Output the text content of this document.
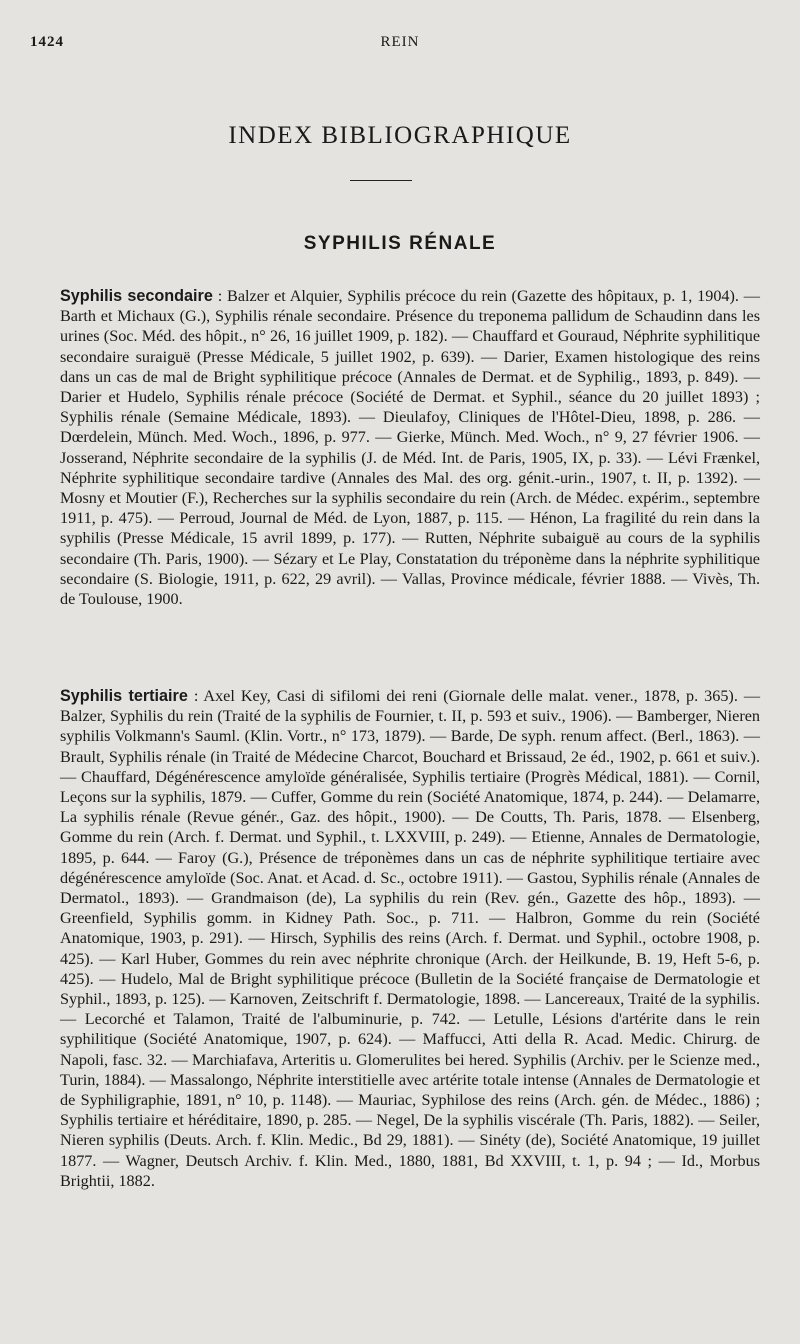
1424	REIN
INDEX BIBLIOGRAPHIQUE
SYPHILIS RÉNALE
Syphilis secondaire : Balzer et Alquier, Syphilis précoce du rein (Gazette des hôpitaux, p. 1, 1904). — Barth et Michaux (G.), Syphilis rénale secondaire. Présence du treponema pallidum de Schaudinn dans les urines (Soc. Méd. des hôpit., n° 26, 16 juillet 1909, p. 182). — Chauffard et Gouraud, Néphrite syphilitique secondaire suraiguë (Presse Médicale, 5 juillet 1902, p. 639). — Darier, Examen histologique des reins dans un cas de mal de Bright syphilitique précoce (Annales de Dermat. et de Syphilig., 1893, p. 849). — Darier et Hudelo, Syphilis rénale précoce (Société de Dermat. et Syphil., séance du 20 juillet 1893) ; Syphilis rénale (Semaine Médicale, 1893). — Dieulafoy, Cliniques de l'Hôtel-Dieu, 1898, p. 286. — Dœrdelein, Münch. Med. Woch., 1896, p. 977. — Gierke, Münch. Med. Woch., n° 9, 27 février 1906. — Josserand, Néphrite secondaire de la syphilis (J. de Méd. Int. de Paris, 1905, IX, p. 33). — Lévi Frænkel, Néphrite syphilitique secondaire tardive (Annales des Mal. des org. génit.-urin., 1907, t. II, p. 1392). — Mosny et Moutier (F.), Recherches sur la syphilis secondaire du rein (Arch. de Médec. expérim., septembre 1911, p. 475). — Perroud, Journal de Méd. de Lyon, 1887, p. 115. — Hénon, La fragilité du rein dans la syphilis (Presse Médicale, 15 avril 1899, p. 177). — Rutten, Néphrite subaiguë au cours de la syphilis secondaire (Th. Paris, 1900). — Sézary et Le Play, Constatation du tréponème dans la néphrite syphilitique secondaire (S. Biologie, 1911, p. 622, 29 avril). — Vallas, Province médicale, février 1888. — Vivès, Th. de Toulouse, 1900.
Syphilis tertiaire : Axel Key, Casi di sifilomi dei reni (Giornale delle malat. vener., 1878, p. 365). — Balzer, Syphilis du rein (Traité de la syphilis de Fournier, t. II, p. 593 et suiv., 1906). — Bamberger, Nieren syphilis Volkmann's Sauml. (Klin. Vortr., n° 173, 1879). — Barde, De syph. renum affect. (Berl., 1863). — Brault, Syphilis rénale (in Traité de Médecine Charcot, Bouchard et Brissaud, 2e éd., 1902, p. 661 et suiv.). — Chauffard, Dégénérescence amyloïde généralisée, Syphilis tertiaire (Progrès Médical, 1881). — Cornil, Leçons sur la syphilis, 1879. — Cuffer, Gomme du rein (Société Anatomique, 1874, p. 244). — Delamarre, La syphilis rénale (Revue génér., Gaz. des hôpit., 1900). — De Coutts, Th. Paris, 1878. — Elsenberg, Gomme du rein (Arch. f. Dermat. und Syphil., t. LXXVIII, p. 249). — Etienne, Annales de Dermatologie, 1895, p. 644. — Faroy (G.), Présence de tréponèmes dans un cas de néphrite syphilitique tertiaire avec dégénérescence amyloïde (Soc. Anat. et Acad. d. Sc., octobre 1911). — Gastou, Syphilis rénale (Annales de Dermatol., 1893). — Grandmaison (de), La syphilis du rein (Rev. gén., Gazette des hôp., 1893). — Greenfield, Syphilis gomm. in Kidney Path. Soc., p. 711. — Halbron, Gomme du rein (Société Anatomique, 1903, p. 291). — Hirsch, Syphilis des reins (Arch. f. Dermat. und Syphil., octobre 1908, p. 425). — Karl Huber, Gommes du rein avec néphrite chronique (Arch. der Heilkunde, B. 19, Heft 5-6, p. 425). — Hudelo, Mal de Bright syphilitique précoce (Bulletin de la Société française de Dermatologie et Syphil., 1893, p. 125). — Karnoven, Zeitschrift f. Dermatologie, 1898. — Lancereaux, Traité de la syphilis. — Lecorché et Talamon, Traité de l'albuminurie, p. 742. — Letulle, Lésions d'artérite dans le rein syphilitique (Société Anatomique, 1907, p. 624). — Maffucci, Atti della R. Acad. Medic. Chirurg. de Napoli, fasc. 32. — Marchiafava, Arteritis u. Glomerulites bei hered. Syphilis (Archiv. per le Scienze med., Turin, 1884). — Massalongo, Néphrite interstitielle avec artérite totale intense (Annales de Dermatologie et de Syphiligraphie, 1891, n° 10, p. 1148). — Mauriac, Syphilose des reins (Arch. gén. de Médec., 1886) ; Syphilis tertiaire et héréditaire, 1890, p. 285. — Negel, De la syphilis viscérale (Th. Paris, 1882). — Seiler, Nieren syphilis (Deuts. Arch. f. Klin. Medic., Bd 29, 1881). — Sinéty (de), Société Anatomique, 19 juillet 1877. — Wagner, Deutsch Archiv. f. Klin. Med., 1880, 1881, Bd XXVIII, t. 1, p. 94 ; — Id., Morbus Brightii, 1882.
